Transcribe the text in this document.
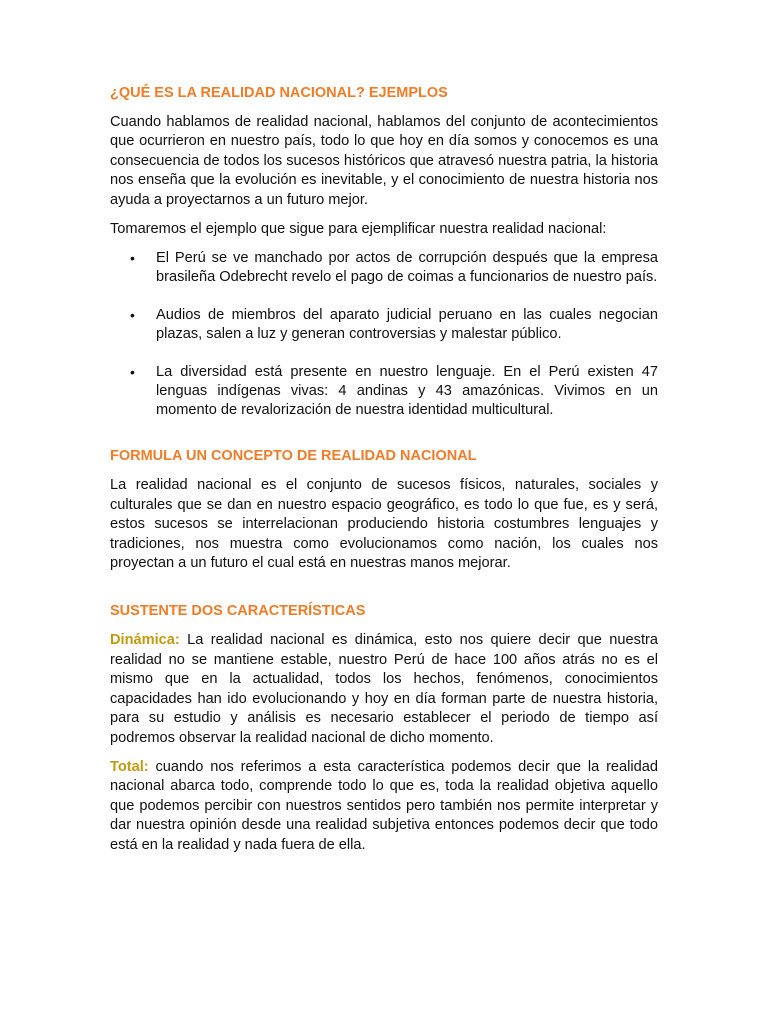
¿QUÉ ES LA REALIDAD NACIONAL? EJEMPLOS

Cuando hablamos de realidad nacional, hablamos del conjunto de acontecimientos que ocurrieron en nuestro país, todo lo que hoy en día somos y conocemos es una consecuencia de todos los sucesos históricos que atravesó nuestra patria, la historia nos enseña que la evolución es inevitable, y el conocimiento de nuestra historia nos ayuda a proyectarnos a un futuro mejor.

Tomaremos el ejemplo que sigue para ejemplificar nuestra realidad nacional:

• El Perú se ve manchado por actos de corrupción después que la empresa brasileña Odebrecht revelo el pago de coimas a funcionarios de nuestro país.
• Audios de miembros del aparato judicial peruano en las cuales negocian plazas, salen a luz y generan controversias y malestar público.
• La diversidad está presente en nuestro lenguaje. En el Perú existen 47 lenguas indígenas vivas: 4 andinas y 43 amazónicas. Vivimos en un momento de revalorización de nuestra identidad multicultural.
FORMULA UN CONCEPTO DE REALIDAD NACIONAL

La realidad nacional es el conjunto de sucesos físicos, naturales, sociales y culturales que se dan en nuestro espacio geográfico, es todo lo que fue, es y será, estos sucesos se interrelacionan produciendo historia costumbres lenguajes y tradiciones, nos muestra como evolucionamos como nación, los cuales nos proyectan a un futuro el cual está en nuestras manos mejorar.

SUSTENTE DOS CARACTERÍSTICAS

Dinámica: La realidad nacional es dinámica, esto nos quiere decir que nuestra realidad no se mantiene estable, nuestro Perú de hace 100 años atrás no es el mismo que en la actualidad, todos los hechos, fenómenos, conocimientos capacidades han ido evolucionando y hoy en día forman parte de nuestra historia, para su estudio y análisis es necesario establecer el periodo de tiempo así podremos observar la realidad nacional de dicho momento.

Total: cuando nos referimos a esta característica podemos decir que la realidad nacional abarca todo, comprende todo lo que es, toda la realidad objetiva aquello que podemos percibir con nuestros sentidos pero también nos permite interpretar y dar nuestra opinión desde una realidad subjetiva entonces podemos decir que todo está en la realidad y nada fuera de ella.
